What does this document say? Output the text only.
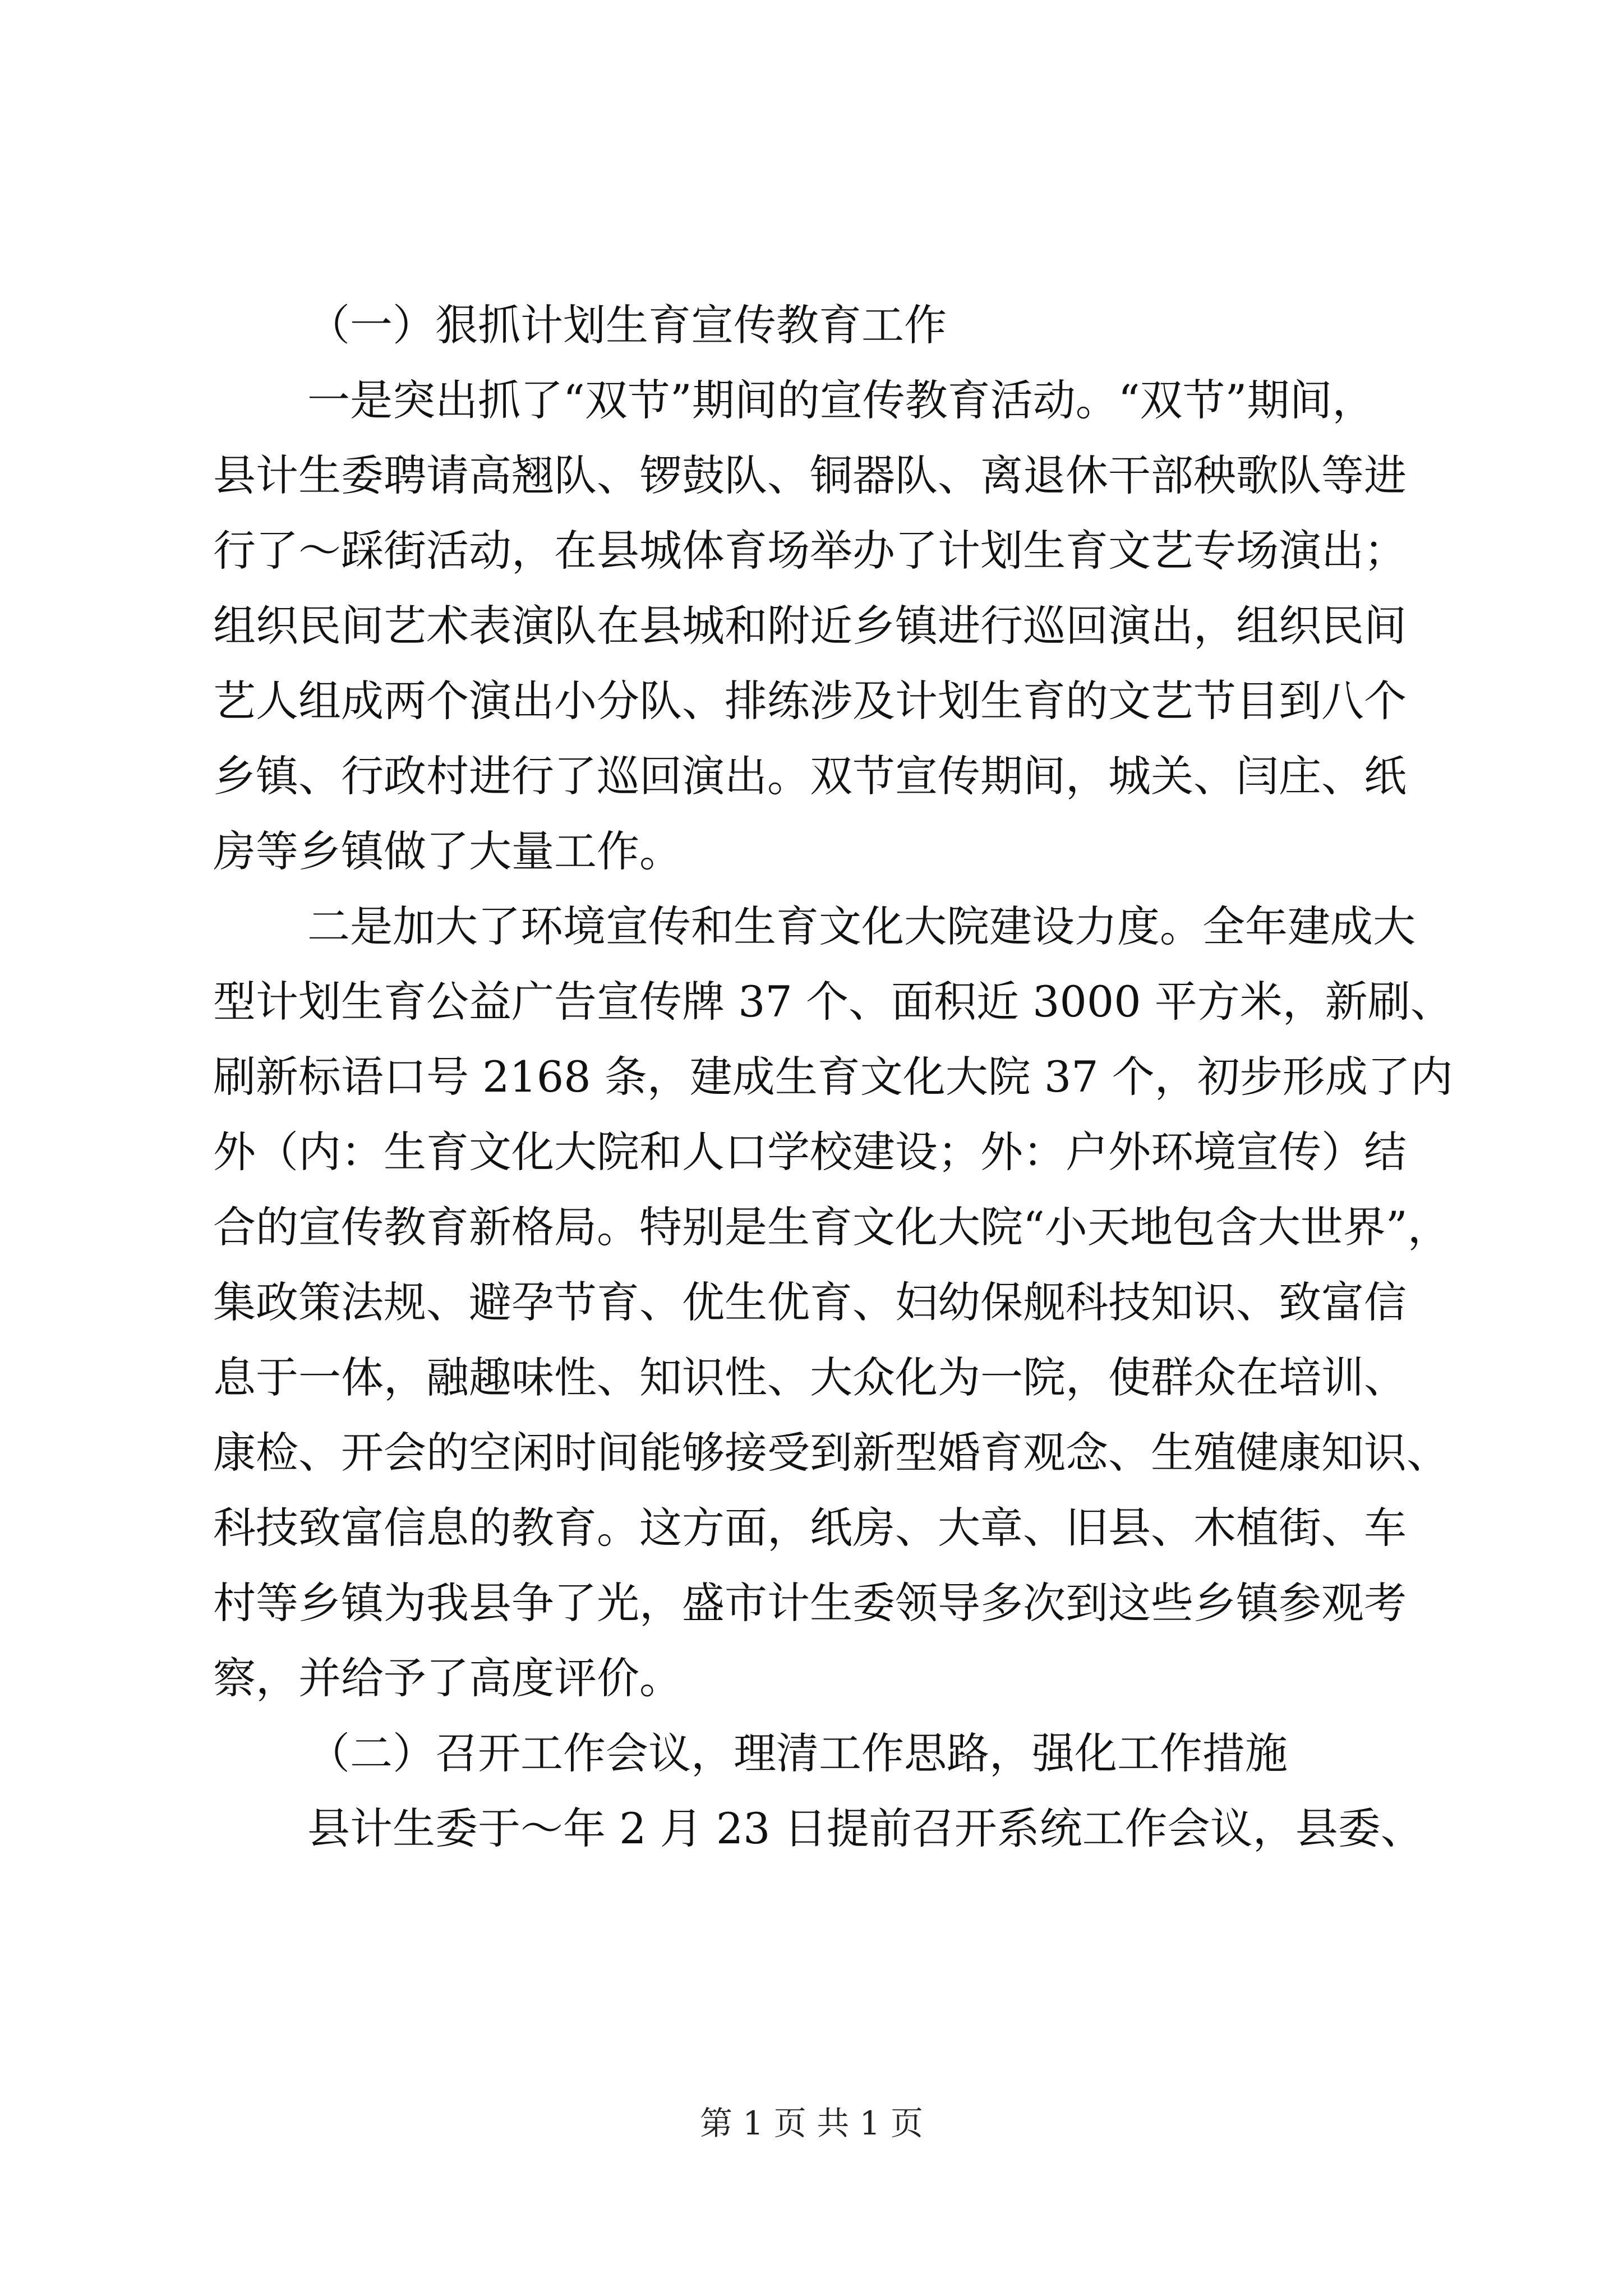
（一）狠抓计划生育宣传教育工作
一是突出抓了“双节”期间的宣传教育活动。“双节”期间，
县计生委聘请高翘队、锣鼓队、铜器队、离退休干部秧歌队等进
行了～踩街活动，在县城体育场举办了计划生育文艺专场演出；
组织民间艺术表演队在县城和附近乡镇进行巡回演出，组织民间
艺人组成两个演出小分队、排练涉及计划生育的文艺节目到八个
乡镇、行政村进行了巡回演出。双节宣传期间，城关、闫庄、纸
房等乡镇做了大量工作。
二是加大了环境宣传和生育文化大院建设力度。全年建成大
型计划生育公益广告宣传牌 37 个、面积近 3000 平方米，新刷、
刷新标语口号 2168 条，建成生育文化大院 37 个，初步形成了内
外（内：生育文化大院和人口学校建设；外：户外环境宣传）结
合的宣传教育新格局。特别是生育文化大院“小天地包含大世界”，
集政策法规、避孕节育、优生优育、妇幼保舰科技知识、致富信
息于一体，融趣味性、知识性、大众化为一院，使群众在培训、
康检、开会的空闲时间能够接受到新型婚育观念、生殖健康知识、
科技致富信息的教育。这方面，纸房、大章、旧县、木植街、车
村等乡镇为我县争了光，盛市计生委领导多次到这些乡镇参观考
察，并给予了高度评价。
（二）召开工作会议，理清工作思路，强化工作措施
县计生委于～年 2 月 23 日提前召开系统工作会议，县委、
第 1 页 共 1 页
